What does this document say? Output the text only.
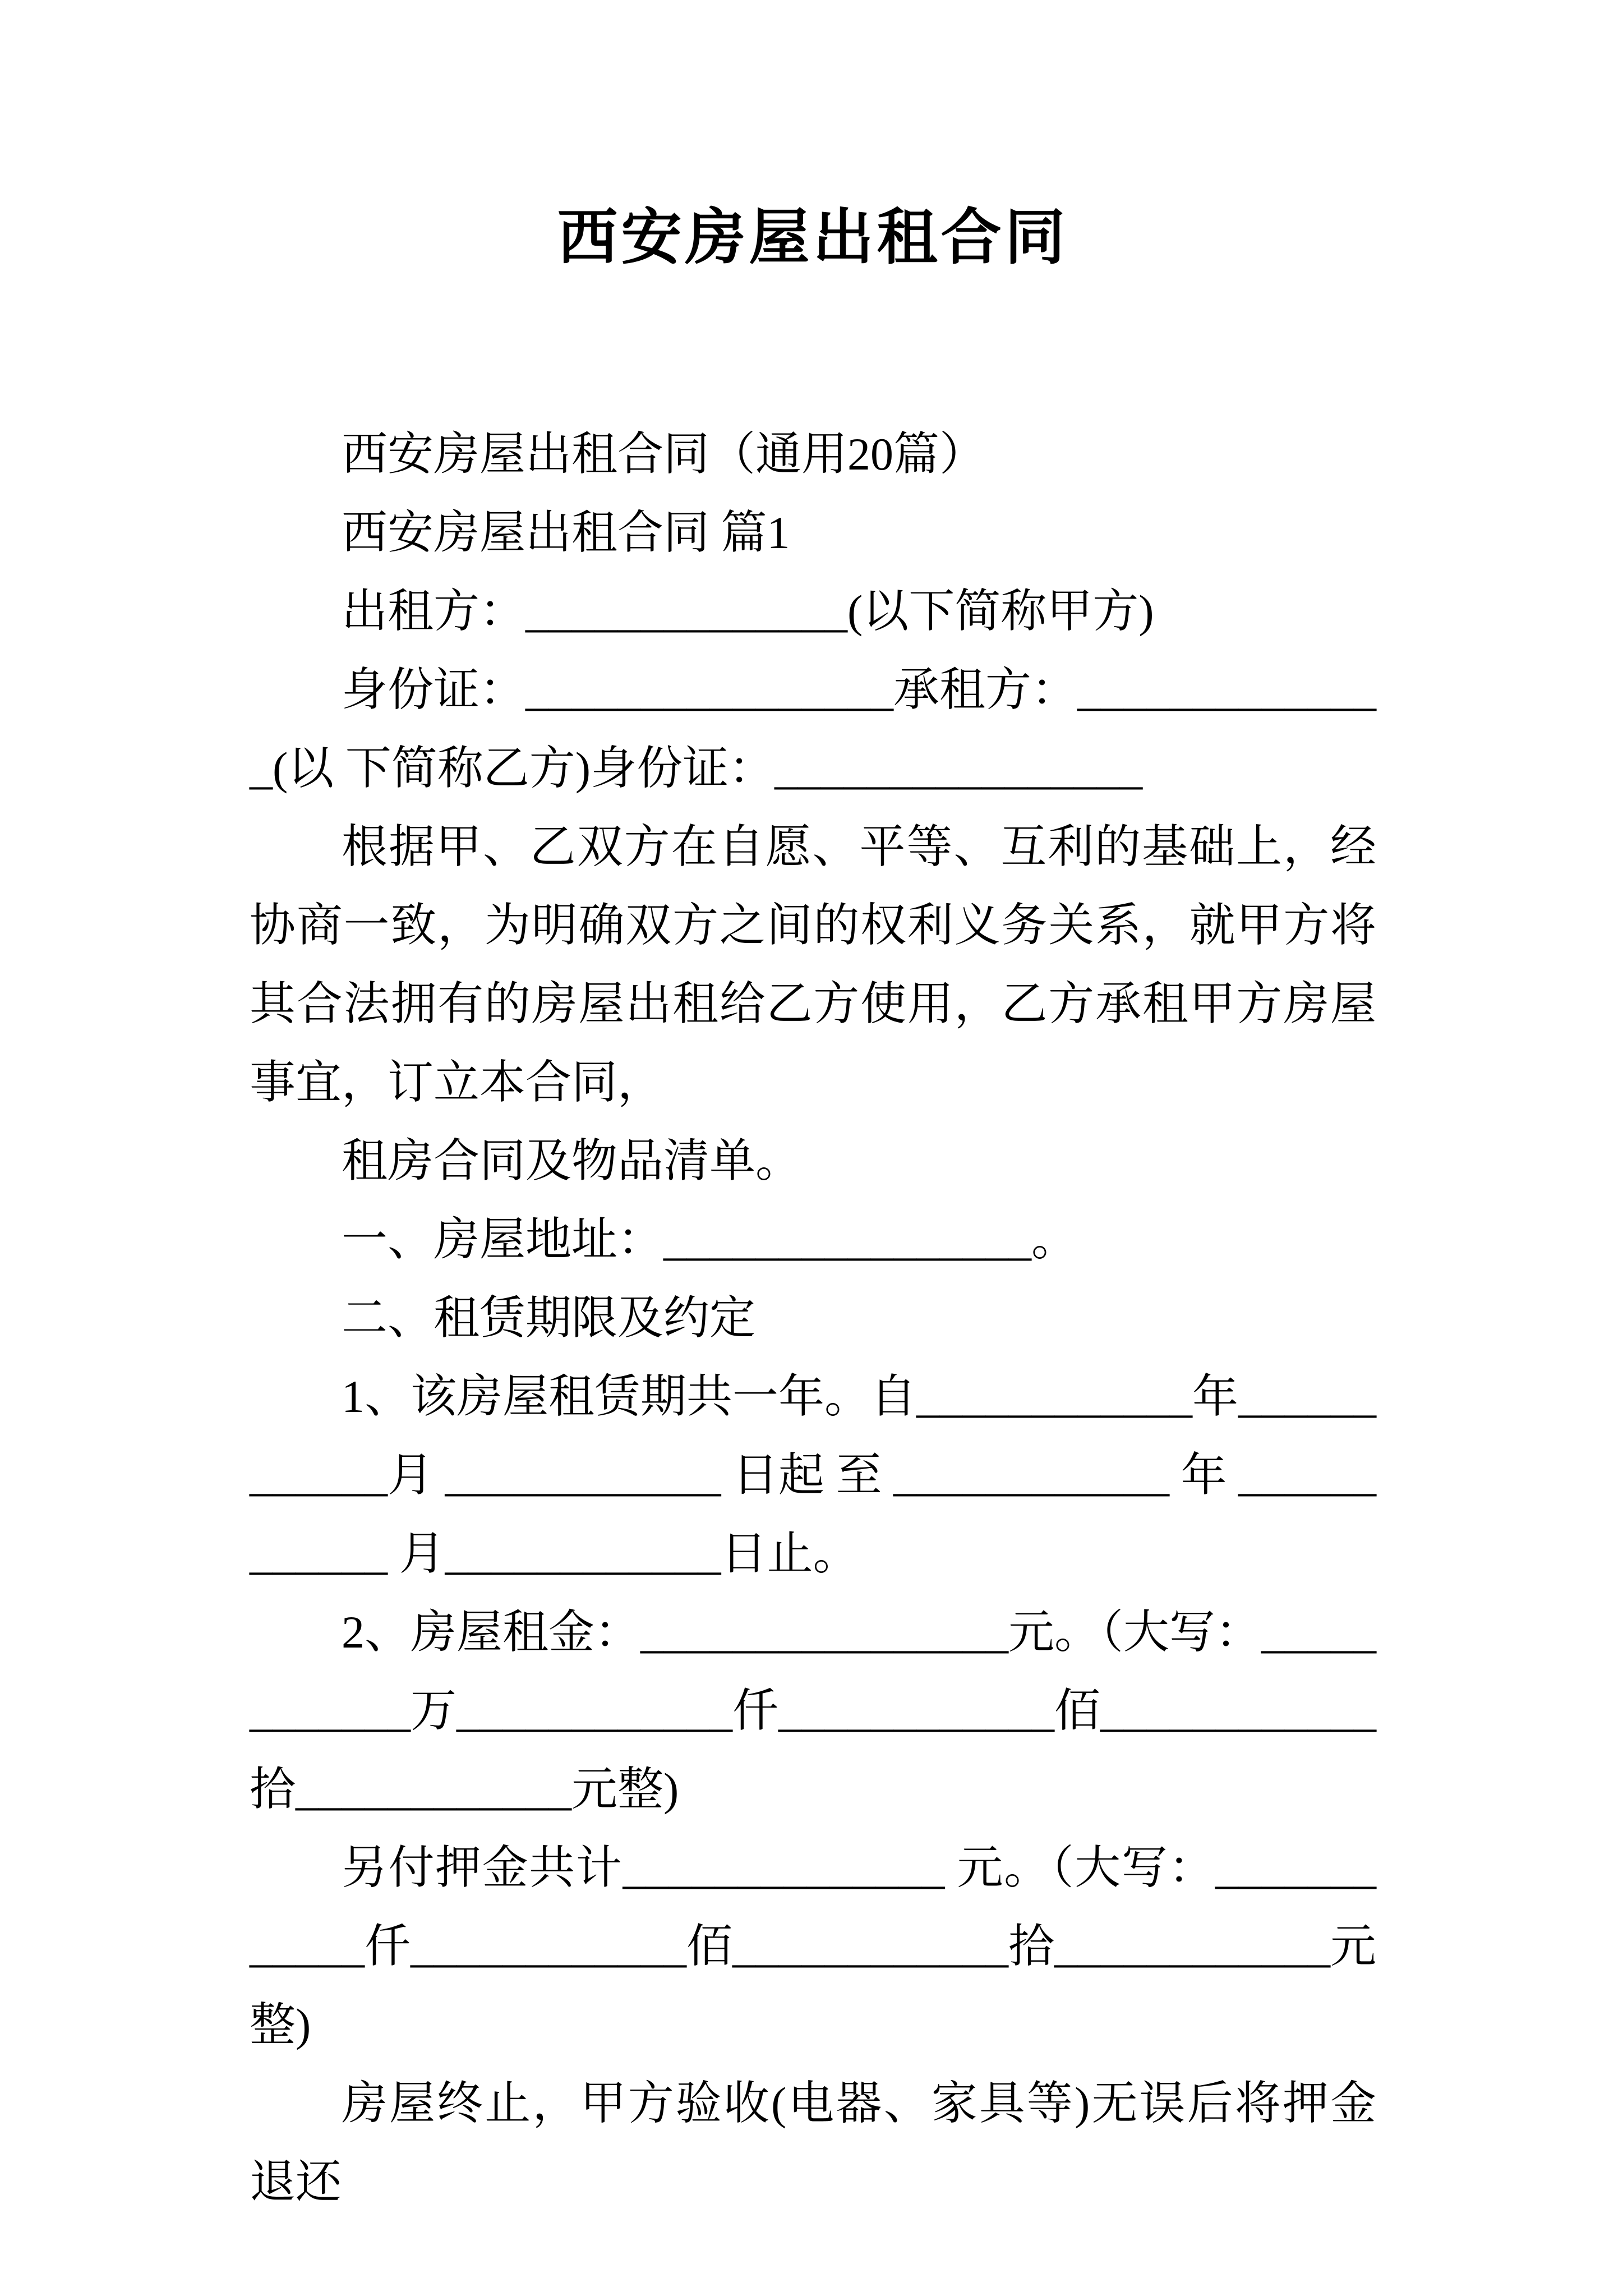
西安房屋出租合同

西安房屋出租合同（通用20篇）

西安房屋出租合同 篇1

出租方：______________(以下简称甲方)

身份证：________________承租方：______________(以 下简称乙方)身份证：________________

根据甲、乙双方在自愿、平等、互利的基础上，经协商一致，为明确双方之间的权利义务关系，就甲方将其合法拥有的房屋出租给乙方使用，乙方承租甲方房屋事宜，订立本合同，

租房合同及物品清单。

一、房屋地址：________________。

二、租赁期限及约定

1、该房屋租赁期共一年。自____________年____________月 ____________ 日起 至 ____________ 年 ____________ 月____________日止。

2、房屋租金：________________元。（大写：____________万____________仟____________佰____________拾____________元整)

另付押金共计______________ 元。（大写：____________仟____________佰____________拾____________元整)

房屋终止，甲方验收(电器、家具等)无误后将押金退还
